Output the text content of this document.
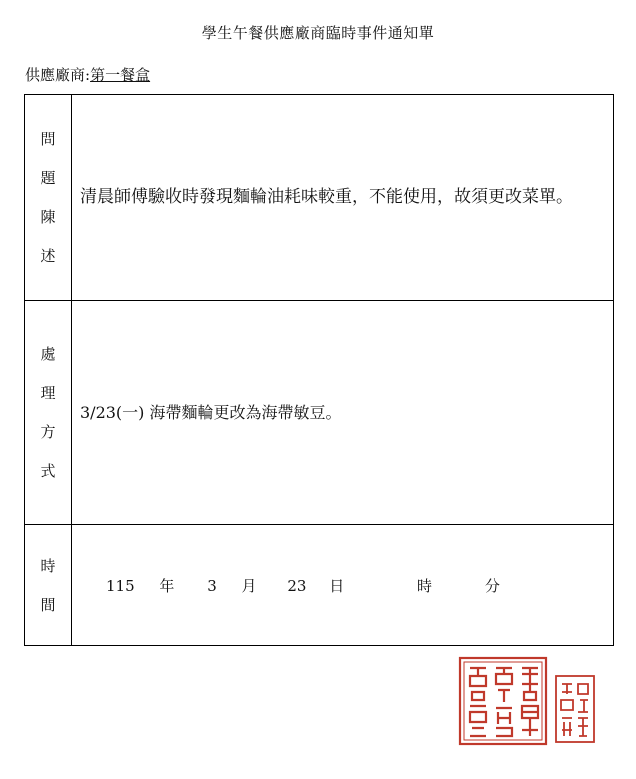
學生午餐供應廠商臨時事件通知單
供應廠商:第一餐盒
問
題
陳
述	清晨師傅驗收時發現麵輪油耗味較重，不能使用，故須更改菜單。

處
理
方
式	3/23(一) 海帶麵輪更改為海帶敏豆。

時
間	115 年 3 月 23 日 時 分
